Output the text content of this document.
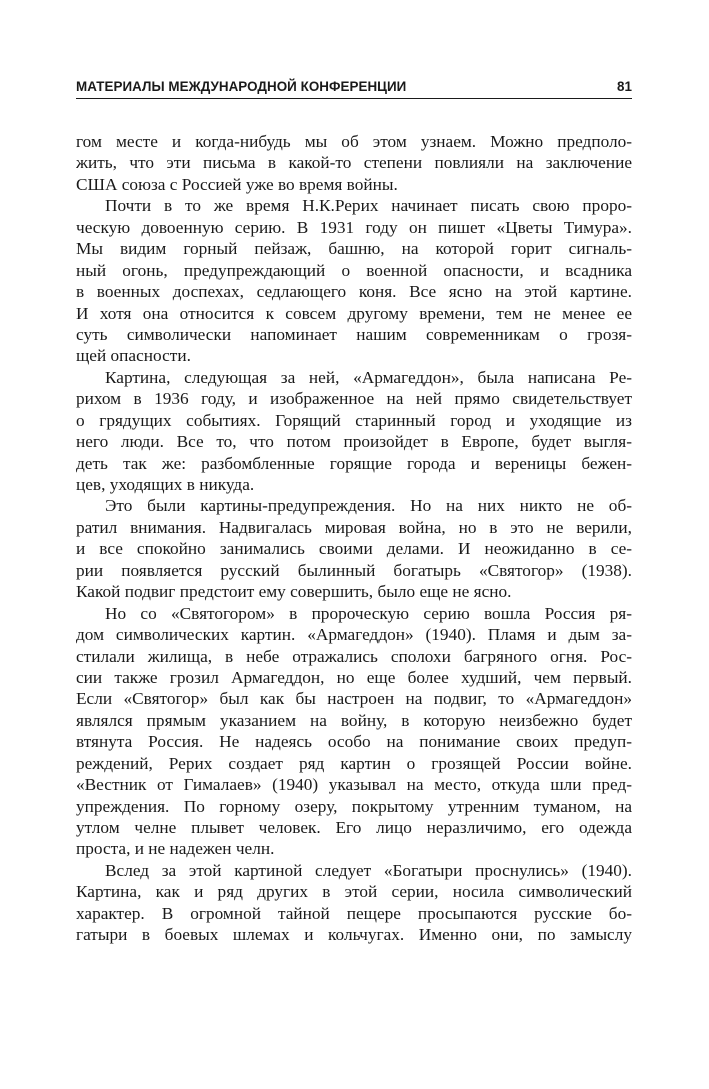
МАТЕРИАЛЫ МЕЖДУНАРОДНОЙ КОНФЕРЕНЦИИ	81

гом месте и когда-нибудь мы об этом узнаем. Можно предполо-
жить, что эти письма в какой-то степени повлияли на заключение
США союза с Россией уже во время войны.

Почти в то же время Н.К.Рерих начинает писать свою проро-
ческую довоенную серию. В 1931 году он пишет «Цветы Тимура».
Мы видим горный пейзаж, башню, на которой горит сигналь-
ный огонь, предупреждающий о военной опасности, и всадника
в военных доспехах, седлающего коня. Все ясно на этой картине.
И хотя она относится к совсем другому времени, тем не менее ее
суть символически напоминает нашим современникам о грозя-
щей опасности.

Картина, следующая за ней, «Армагеддон», была написана Ре-
рихом в 1936 году, и изображенное на ней прямо свидетельствует
о грядущих событиях. Горящий старинный город и уходящие из
него люди. Все то, что потом произойдет в Европе, будет выгля-
деть так же: разбомбленные горящие города и вереницы бежен-
цев, уходящих в никуда.

Это были картины-предупреждения. Но на них никто не об-
ратил внимания. Надвигалась мировая война, но в это не верили,
и все спокойно занимались своими делами. И неожиданно в се-
рии появляется русский былинный богатырь «Святогор» (1938).
Какой подвиг предстоит ему совершить, было еще не ясно.

Но со «Святогором» в пророческую серию вошла Россия ря-
дом символических картин. «Армагеддон» (1940). Пламя и дым за-
стилали жилища, в небе отражались сполохи багряного огня. Рос-
сии также грозил Армагеддон, но еще более худший, чем первый.
Если «Святогор» был как бы настроен на подвиг, то «Армагеддон»
являлся прямым указанием на войну, в которую неизбежно будет
втянута Россия. Не надеясь особо на понимание своих предуп-
реждений, Рерих создает ряд картин о грозящей России войне.
«Вестник от Гималаев» (1940) указывал на место, откуда шли пред-
упреждения. По горному озеру, покрытому утренним туманом, на
утлом челне плывет человек. Его лицо неразличимо, его одежда
проста, и не надежен челн.

Вслед за этой картиной следует «Богатыри проснулись» (1940).
Картина, как и ряд других в этой серии, носила символический
характер. В огромной тайной пещере просыпаются русские бо-
гатыри в боевых шлемах и кольчугах. Именно они, по замыслу
